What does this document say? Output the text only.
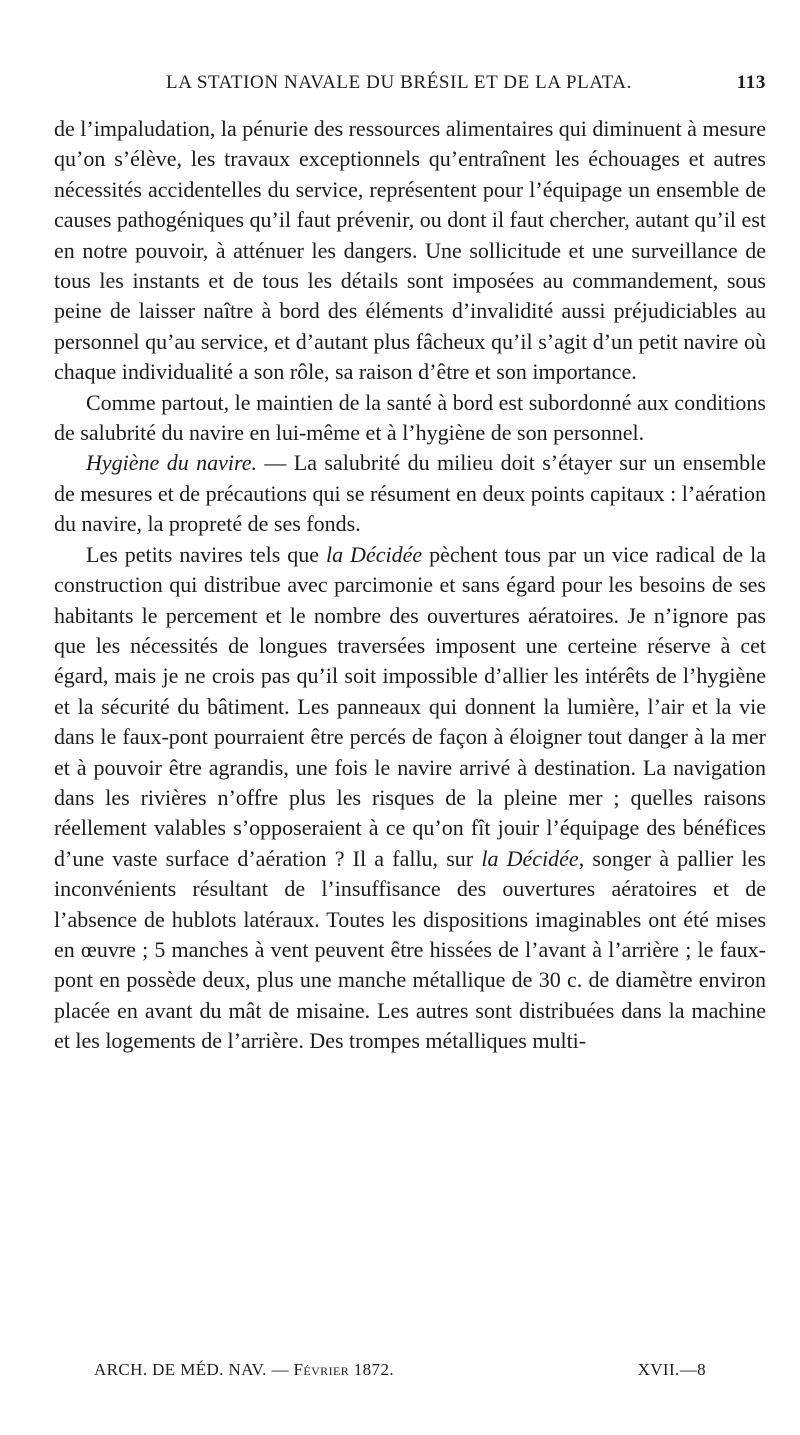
LA STATION NAVALE DU BRÉSIL ET DE LA PLATA.	113

de l’impaludation, la pénurie des ressources alimentaires qui diminuent à mesure qu’on s’élève, les travaux exceptionnels qu’entraînent les échouages et autres nécessités accidentelles du service, représentent pour l’équipage un ensemble de causes pathogéniques qu’il faut prévenir, ou dont il faut chercher, autant qu’il est en notre pouvoir, à atténuer les dangers. Une sollicitude et une surveillance de tous les instants et de tous les détails sont imposées au commandement, sous peine de laisser naître à bord des éléments d’invalidité aussi préjudiciables au personnel qu’au service, et d’autant plus fâcheux qu’il s’agit d’un petit navire où chaque individualité a son rôle, sa raison d’être et son importance.

Comme partout, le maintien de la santé à bord est subordonné aux conditions de salubrité du navire en lui-même et à l’hygiène de son personnel.

Hygiène du navire. — La salubrité du milieu doit s’étayer sur un ensemble de mesures et de précautions qui se résument en deux points capitaux : l’aération du navire, la propreté de ses fonds.

Les petits navires tels que la Décidée pèchent tous par un vice radical de la construction qui distribue avec parcimonie et sans égard pour les besoins de ses habitants le percement et le nombre des ouvertures aératoires. Je n’ignore pas que les nécessités de longues traversées imposent une certeine réserve à cet égard, mais je ne crois pas qu’il soit impossible d’allier les intérêts de l’hygiène et la sécurité du bâtiment. Les panneaux qui donnent la lumière, l’air et la vie dans le faux-pont pourraient être percés de façon à éloigner tout danger à la mer et à pouvoir être agrandis, une fois le navire arrivé à destination. La navigation dans les rivières n’offre plus les risques de la pleine mer ; quelles raisons réellement valables s’opposeraient à ce qu’on fît jouir l’équipage des bénéfices d’une vaste surface d’aération ? Il a fallu, sur la Décidée, songer à pallier les inconvénients résultant de l’insuffisance des ouvertures aératoires et de l’absence de hublots latéraux. Toutes les dispositions imaginables ont été mises en œuvre ; 5 manches à vent peuvent être hissées de l’avant à l’arrière ; le faux-pont en possède deux, plus une manche métallique de 30 c. de diamètre environ placée en avant du mât de misaine. Les autres sont distribuées dans la machine et les logements de l’arrière. Des trompes métalliques multi-

ARCH. DE MÉD. NAV. — Février 1872.	XVII.—8
